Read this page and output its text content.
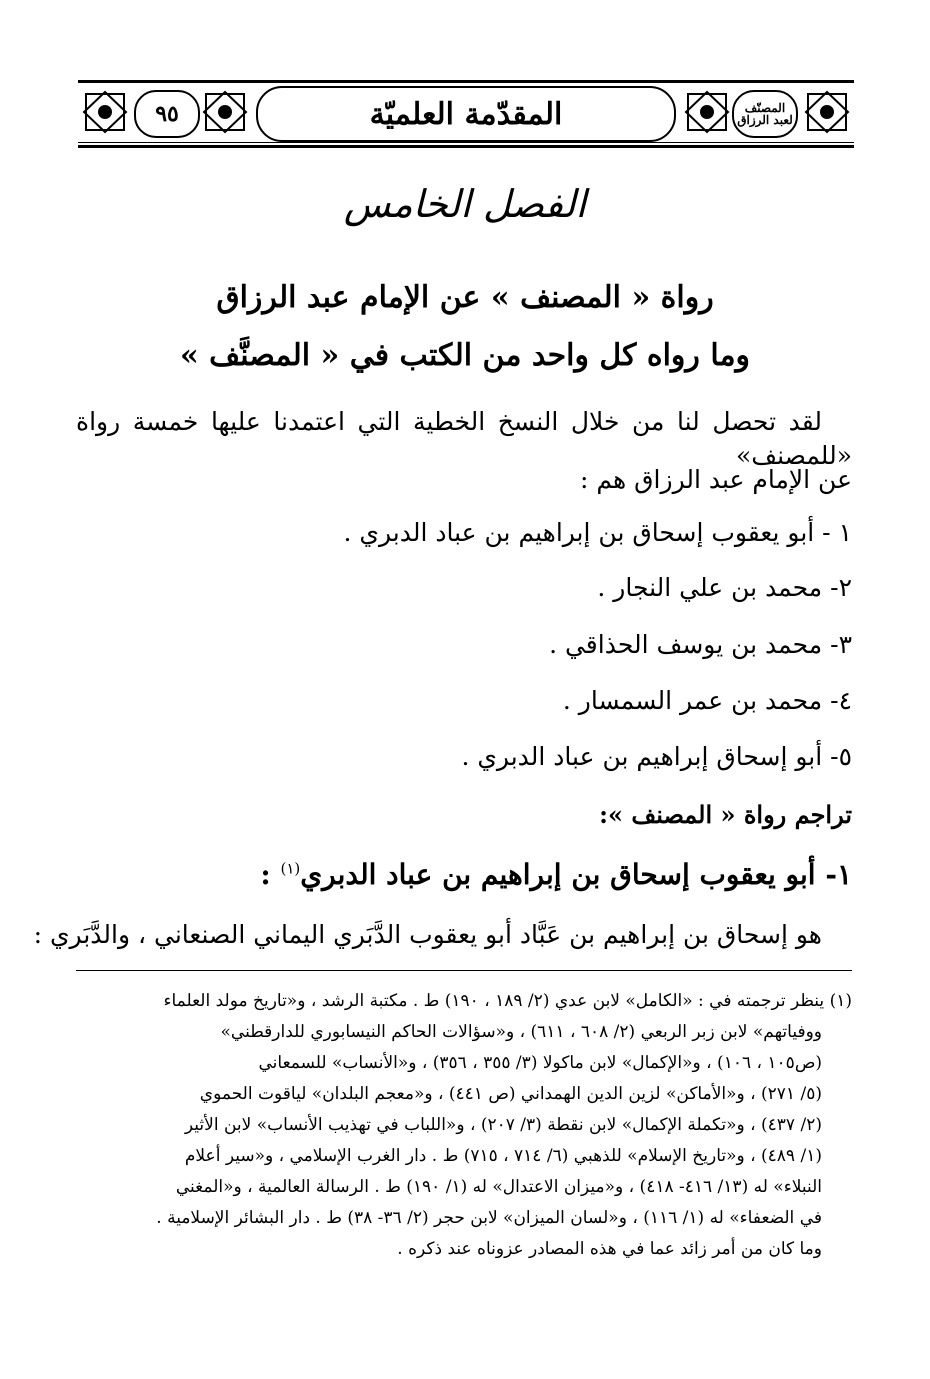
٩٥	المصنّف
لعبد الرزاق
المقدّمة العلميّة
الفصل الخامس
رواة « المصنف » عن الإمام عبد الرزاق
وما رواه كل واحد من الكتب في « المصنَّف »
لقد تحصل لنا من خلال النسخ الخطية التي اعتمدنا عليها خمسة رواة «للمصنف»
عن الإمام عبد الرزاق هم :
١ - أبو يعقوب إسحاق بن إبراهيم بن عباد الدبري .
٢- محمد بن علي النجار .
٣- محمد بن يوسف الحذاقي .
٤- محمد بن عمر السمسار .
٥- أبو إسحاق إبراهيم بن عباد الدبري .
تراجم رواة « المصنف »:
١- أبو يعقوب إسحاق بن إبراهيم بن عباد الدبري$^{(١)}$ :
هو إسحاق بن إبراهيم بن عَبَّاد أبو يعقوب الدَّبَري اليماني الصنعاني ، والدَّبَري :
(١) ينظر ترجمته في : «الكامل» لابن عدي (٢/ ١٨٩ ، ١٩٠) ط . مكتبة الرشد ، و«تاريخ مولد العلماء
ووفياتهم» لابن زبر الربعي (٢/ ٦٠٨ ، ٦١١) ، و«سؤالات الحاكم النيسابوري للدارقطني»
(ص١٠٥ ، ١٠٦) ، و«الإكمال» لابن ماكولا (٣/ ٣٥٥ ، ٣٥٦) ، و«الأنساب» للسمعاني
(٥/ ٢٧١) ، و«الأماكن» لزين الدين الهمداني (ص ٤٤١) ، و«معجم البلدان» لياقوت الحموي
(٢/ ٤٣٧) ، و«تكملة الإكمال» لابن نقطة (٣/ ٢٠٧) ، و«اللباب في تهذيب الأنساب» لابن الأثير
(١/ ٤٨٩) ، و«تاريخ الإسلام» للذهبي (٦/ ٧١٤ ، ٧١٥) ط . دار الغرب الإسلامي ، و«سير أعلام
النبلاء» له (١٣/ ٤١٦- ٤١٨) ، و«ميزان الاعتدال» له (١/ ١٩٠) ط . الرسالة العالمية ، و«المغني
في الضعفاء» له (١/ ١١٦) ، و«لسان الميزان» لابن حجر (٢/ ٣٦- ٣٨) ط . دار البشائر الإسلامية .
وما كان من أمر زائد عما في هذه المصادر عزوناه عند ذكره .
